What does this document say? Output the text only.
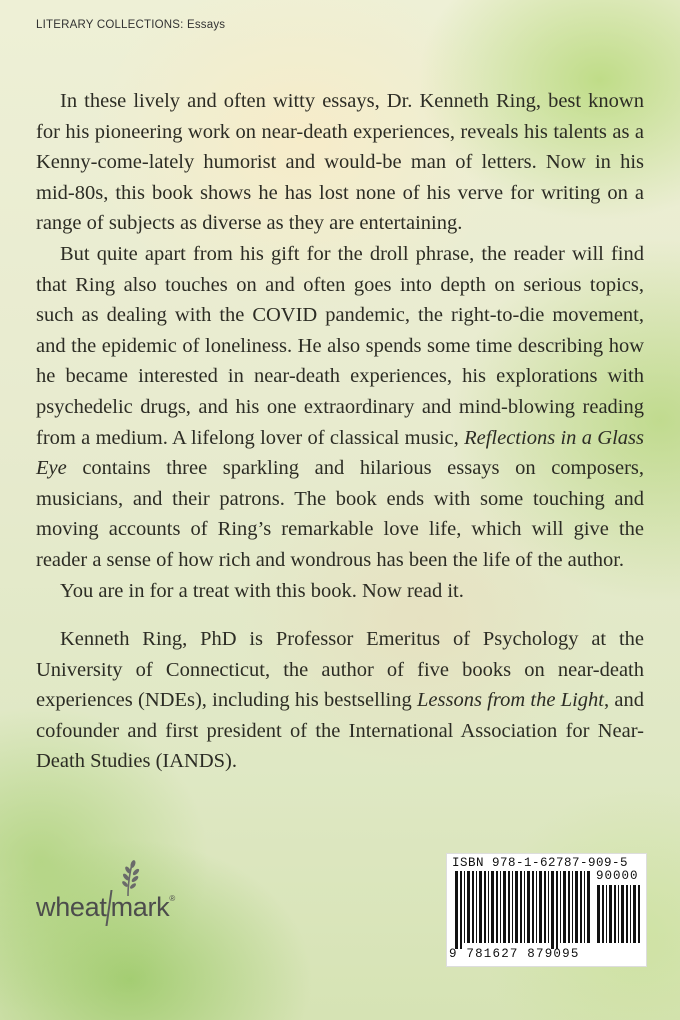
LITERARY COLLECTIONS: Essays

In these lively and often witty essays, Dr. Kenneth Ring, best known for his pioneering work on near-death experiences, reveals his talents as a Kenny-come-lately humorist and would-be man of letters. Now in his mid-80s, this book shows he has lost none of his verve for writing on a range of subjects as diverse as they are entertaining.

But quite apart from his gift for the droll phrase, the reader will find that Ring also touches on and often goes into depth on serious topics, such as dealing with the COVID pandemic, the right-to-die movement, and the epidemic of loneliness. He also spends some time describing how he became interested in near-death experiences, his explorations with psychedelic drugs, and his one extraordinary and mind-blowing reading from a medium. A lifelong lover of classical music, Reflections in a Glass Eye contains three sparkling and hilarious essays on composers, musicians, and their patrons. The book ends with some touching and moving accounts of Ring’s remarkable love life, which will give the reader a sense of how rich and wondrous has been the life of the author.

You are in for a treat with this book. Now read it.

Kenneth Ring, PhD is Professor Emeritus of Psychology at the University of Connecticut, the author of five books on near-death experiences (NDEs), including his bestselling Lessons from the Light, and cofounder and first president of the International Association for Near-Death Studies (IANDS).

wheat mark®
ISBN 978-1-62787-909-5
90000
9 781627 879095
